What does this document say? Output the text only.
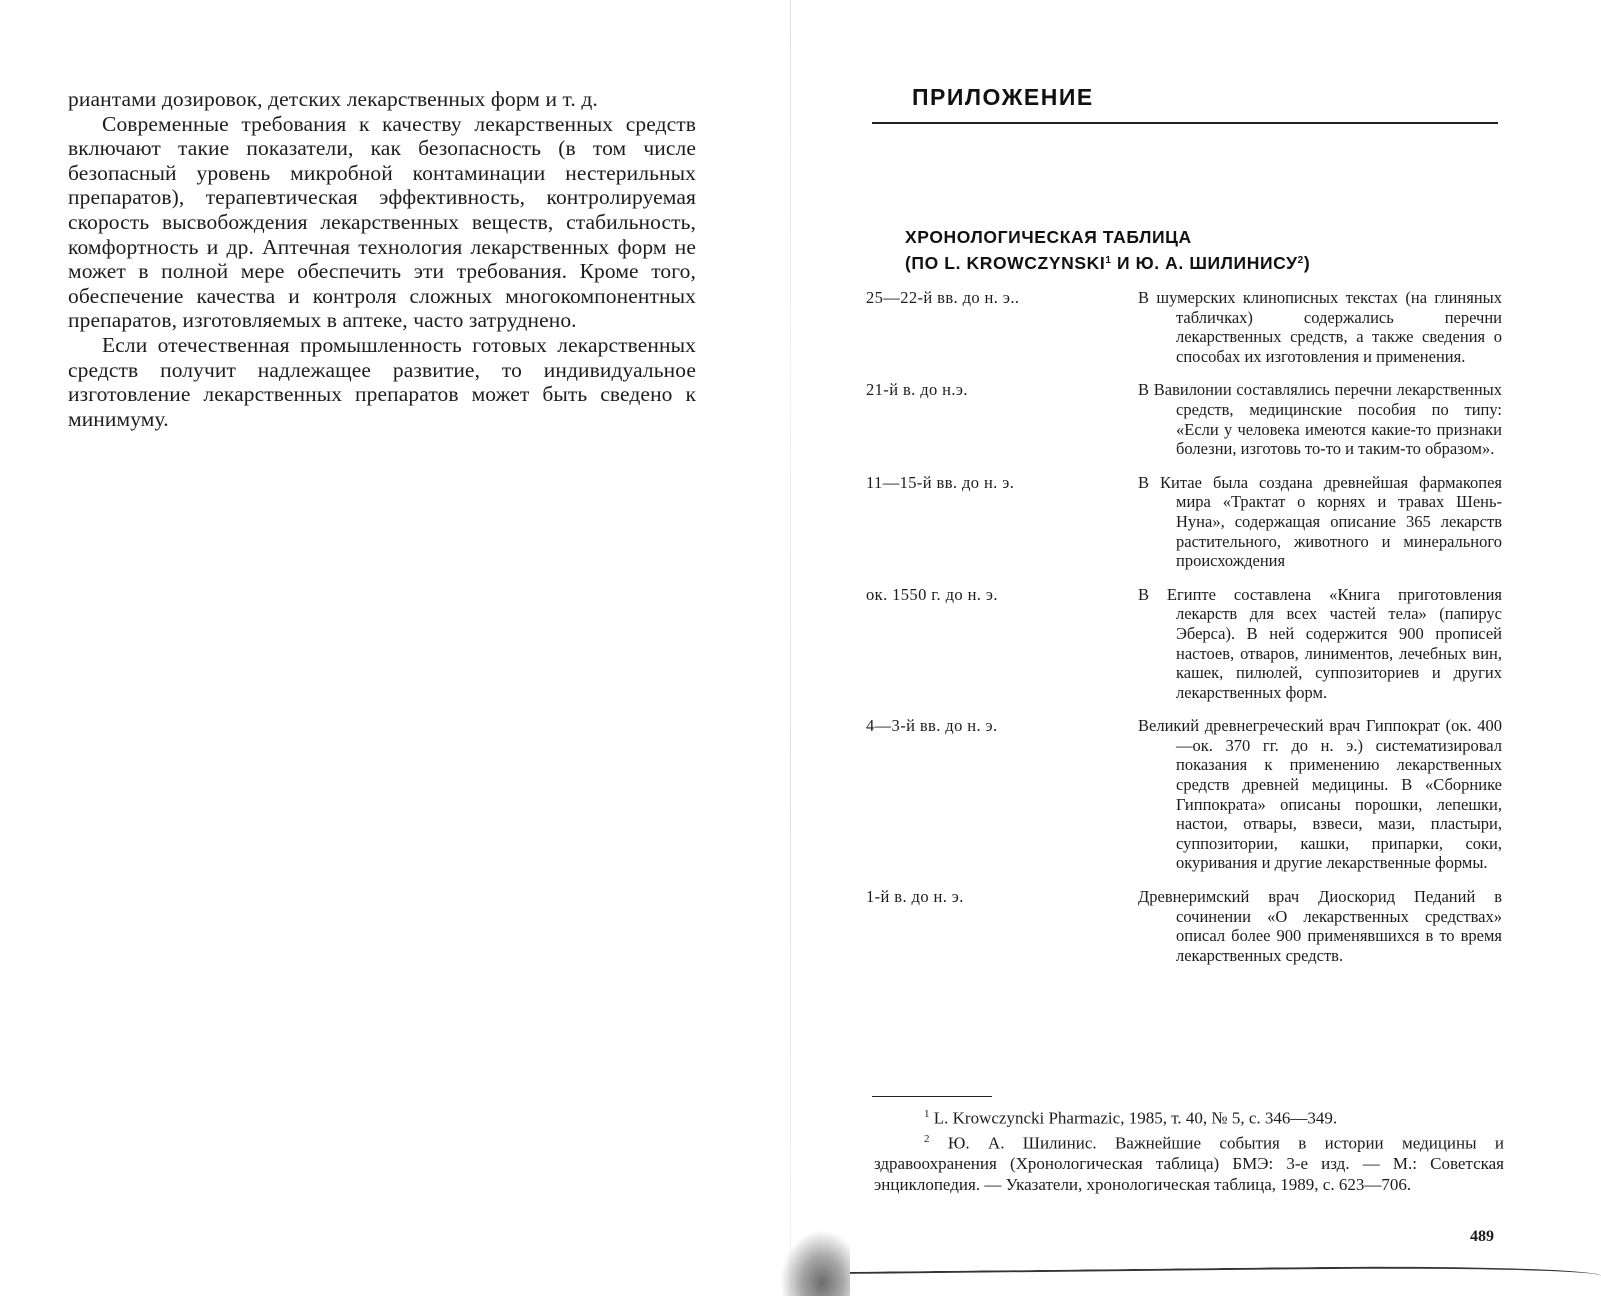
риантами дозировок, детских лекарственных форм и т. д.

Современные требования к качеству лекарственных средств включают такие показатели, как безопасность (в том числе безопасный уровень микробной контаминации нестерильных препаратов), терапевтическая эффективность, контролируемая скорость высвобождения лекарственных веществ, стабильность, комфортность и др. Аптечная технология лекарственных форм не может в полной мере обеспечить эти требования. Кроме того, обеспечение качества и контроля сложных многокомпонентных препаратов, изготовляемых в аптеке, часто затруднено.

Если отечественная промышленность готовых лекарственных средств получит надлежащее развитие, то индивидуальное изготовление лекарственных препаратов может быть сведено к минимуму.

ПРИЛОЖЕНИЕ
ХРОНОЛОГИЧЕСКАЯ ТАБЛИЦА
(ПО L. KROWCZYNSKI$^1$ И Ю. А. ШИЛИНИСУ$^2$)
25—22-й вв. до н. э..	В шумерских клинописных текстах (на глиняных табличках) содержались перечни лекарственных средств, а также сведения о способах их изготовления и применения.
21-й в. до н.э.	В Вавилонии составлялись перечни лекарственных средств, медицинские пособия по типу: «Если у человека имеются какие-то признаки болезни, изготовь то-то и таким-то образом».
11—15-й вв. до н. э.	В Китае была создана древнейшая фармакопея мира «Трактат о корнях и травах Шень-Нуна», содержащая описание 365 лекарств растительного, животного и минерального происхождения
ок. 1550 г. до н. э.	В Египте составлена «Книга приготовления лекарств для всех частей тела» (папирус Эберса). В ней содержится 900 прописей настоев, отваров, линиментов, лечебных вин, кашек, пилюлей, суппозиториев и других лекарственных форм.
4—3-й вв. до н. э.	Великий древнегреческий врач Гиппократ (ок. 400—ок. 370 гг. до н. э.) систематизировал показания к применению лекарственных средств древней медицины. В «Сборнике Гиппократа» описаны порошки, лепешки, настои, отвары, взвеси, мази, пластыри, суппозитории, кашки, припарки, соки, окуривания и другие лекарственные формы.
1-й в. до н. э.	Древнеримский врач Диоскорид Педаний в сочинении «О лекарственных средствах» описал более 900 применявшихся в то время лекарственных средств.

$^1$ L. Krowczyncki Pharmazic, 1985, т. 40, № 5, с. 346—349.

$^2$ Ю. А. Шилинис. Важнейшие события в истории медицины и здравоохранения (Хронологическая таблица) БМЭ: 3-е изд. — М.: Советская энциклопедия. — Указатели, хронологическая таблица, 1989, с. 623—706.

489
